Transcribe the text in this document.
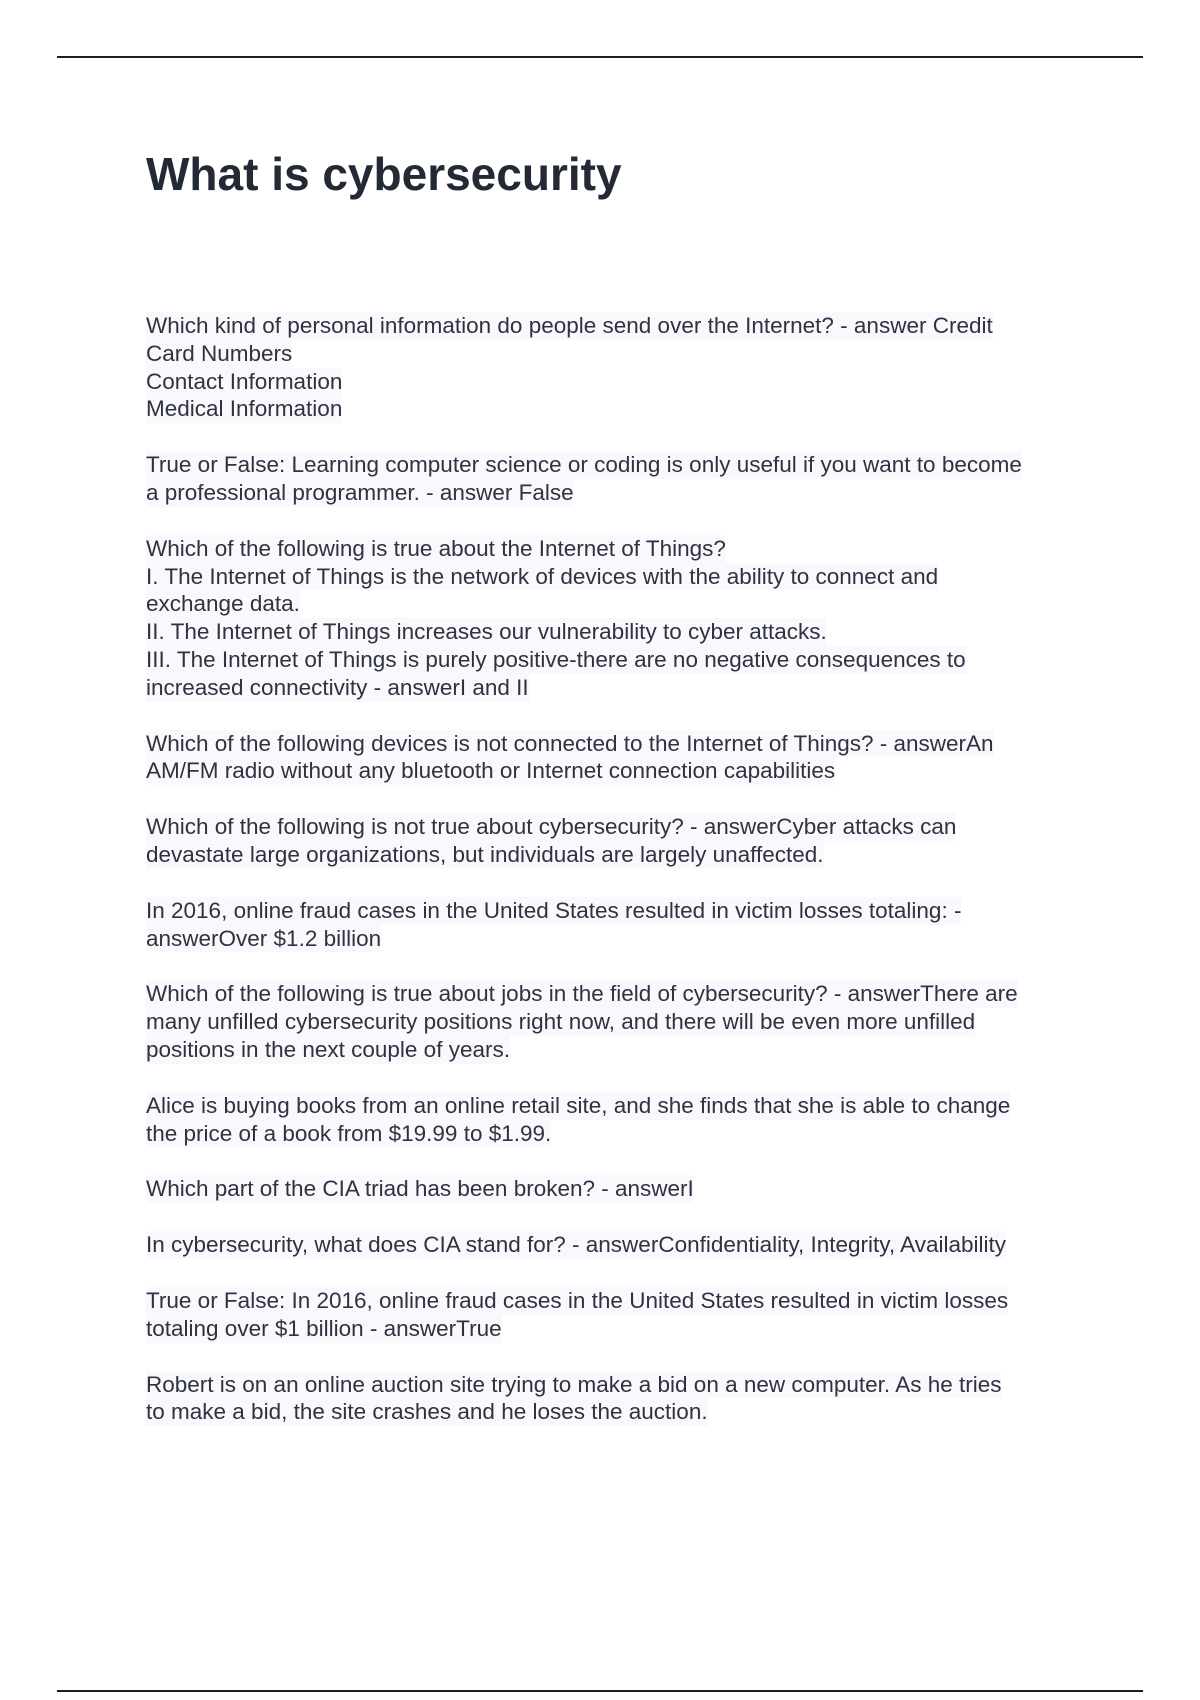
What is cybersecurity
Which kind of personal information do people send over the Internet? - answer Credit
Card Numbers
Contact Information
Medical Information
True or False: Learning computer science or coding is only useful if you want to become
a professional programmer. - answer False
Which of the following is true about the Internet of Things?
I. The Internet of Things is the network of devices with the ability to connect and
exchange data.
II. The Internet of Things increases our vulnerability to cyber attacks.
III. The Internet of Things is purely positive-there are no negative consequences to
increased connectivity - answerI and II
Which of the following devices is not connected to the Internet of Things? - answerAn
AM/FM radio without any bluetooth or Internet connection capabilities
Which of the following is not true about cybersecurity? - answerCyber attacks can
devastate large organizations, but individuals are largely unaffected.
In 2016, online fraud cases in the United States resulted in victim losses totaling: -
answerOver $1.2 billion
Which of the following is true about jobs in the field of cybersecurity? - answerThere are
many unfilled cybersecurity positions right now, and there will be even more unfilled
positions in the next couple of years.
Alice is buying books from an online retail site, and she finds that she is able to change
the price of a book from $19.99 to $1.99.
Which part of the CIA triad has been broken? - answerI
In cybersecurity, what does CIA stand for? - answerConfidentiality, Integrity, Availability
True or False: In 2016, online fraud cases in the United States resulted in victim losses
totaling over $1 billion - answerTrue
Robert is on an online auction site trying to make a bid on a new computer. As he tries
to make a bid, the site crashes and he loses the auction.
